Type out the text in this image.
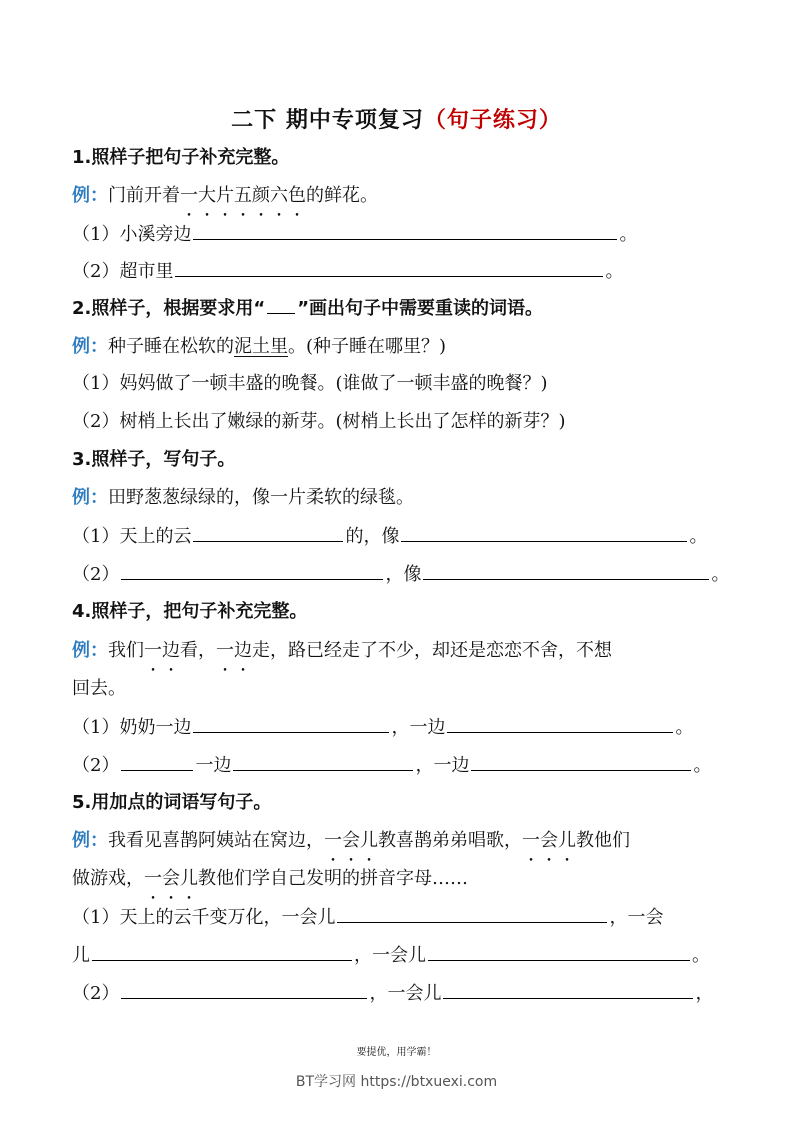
二下 期中专项复习（句子练习）
1.照样子把句子补充完整。
例：门前开着一大片五颜六色的鲜花。
（1）小溪旁边	。
（2）超市里	。
2.照样子，根据要求用“ ”画出句子中需要重读的词语。
例：种子睡在松软的泥土里。(种子睡在哪里？)
（1）妈妈做了一顿丰盛的晚餐。(谁做了一顿丰盛的晚餐？)
（2）树梢上长出了嫩绿的新芽。(树梢上长出了怎样的新芽？)
3.照样子，写句子。
例：田野葱葱绿绿的，像一片柔软的绿毯。
（1）天上的云	的，像	。
（2）	，像	。
4.照样子，把句子补充完整。
例：我们一边看，一边走，路已经走了不少，却还是恋恋不舍，不想
回去。
（1）奶奶一边	，一边	。
（2）	一边	，一边	。
5.用加点的词语写句子。
例：我看见喜鹊阿姨站在窝边，一会儿教喜鹊弟弟唱歌，一会儿教他们
做游戏，一会儿教他们学自己发明的拼音字母……
（1）天上的云千变万化，一会儿	，一会
儿	，一会儿	。
（2）	，一会儿	，
要提优，用学霸！
BT学习网 https://btxuexi.com
